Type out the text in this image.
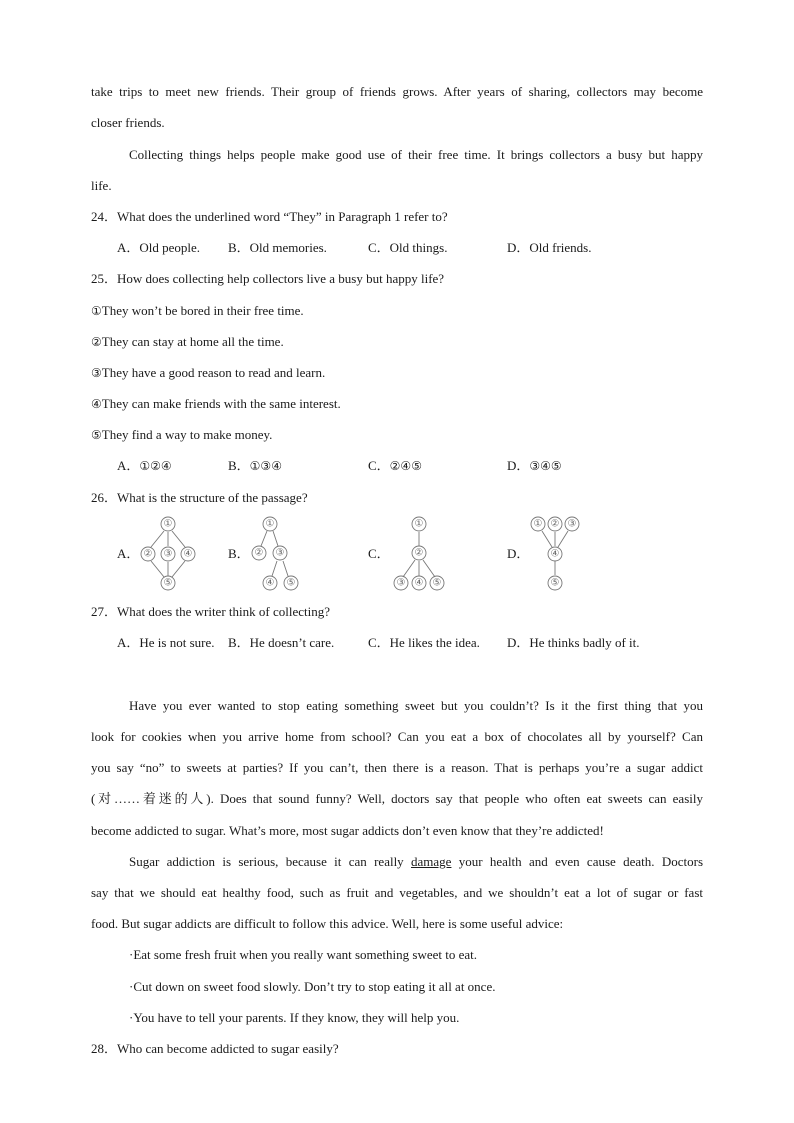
take trips to meet new friends. Their group of friends grows. After years of sharing, collectors may become
closer friends.
Collecting things helps people make good use of their free time. It brings collectors a busy but happy
life.
24．What does the underlined word “They” in Paragraph 1 refer to?
A．Old people. B．Old memories.	C．Old things.	D．Old friends.
25．How does collecting help collectors live a busy but happy life?
①They won’t be bored in their free time.
②They can stay at home all the time.
③They have a good reason to read and learn.
④They can make friends with the same interest.
⑤They find a way to make money.
A．①②④	B．①③④	C．②④⑤	D．③④⑤
26．What is the structure of the passage?
A．
①
② ③ ④
⑤
B．
①
② ③
④ ⑤
C．
①
②
③ ④ ⑤
D．
① ② ③
④
⑤
27．What does the writer think of collecting?
A．He is not sure. B．He doesn’t care.	C．He likes the idea. D．He thinks badly of it.
Have you ever wanted to stop eating something sweet but you couldn’t? Is it the first thing that you
look for cookies when you arrive home from school? Can you eat a box of chocolates all by yourself? Can
you say “no” to sweets at parties? If you can’t, then there is a reason. That is perhaps you’re a sugar addict
(对……着迷的人). Does that sound funny? Well, doctors say that people who often eat sweets can easily
become addicted to sugar. What’s more, most sugar addicts don’t even know that they’re addicted!
Sugar addiction is serious, because it can really damage your health and even cause death. Doctors
say that we should eat healthy food, such as fruit and vegetables, and we shouldn’t eat a lot of sugar or fast
food. But sugar addicts are difficult to follow this advice. Well, here is some useful advice:
·Eat some fresh fruit when you really want something sweet to eat.
·Cut down on sweet food slowly. Don’t try to stop eating it all at once.
·You have to tell your parents. If they know, they will help you.
28．Who can become addicted to sugar easily?
